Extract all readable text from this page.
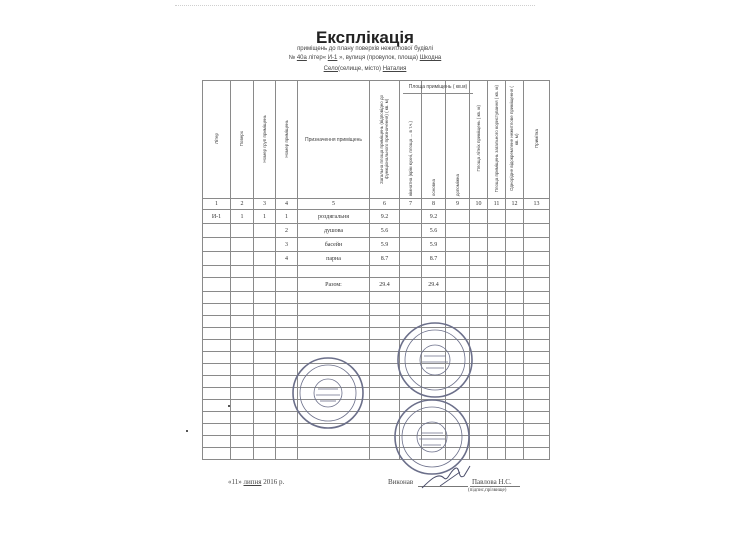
Експлікація
приміщень до плану поверхів нежитлової будівлі
№ 40а літер« И-1 », вулиця (провулок, площа) Шкодна
Село(селище, місто) Наталия
Літер	Поверх	Номер груп приміщень	Номер приміщень	Призначення приміщень	Загальна площа приміщень (відповідно до функціонального призначення) ( кв. м)	кімнатна (крім кухні, площа ... в т.ч.)	основна	допоміжна	Площа літніх приміщень ( кв. м)	Площа приміщень загального користування ( кв. м)	Однорідне відокремлене нежитлове приміщення ( кв. м)	Примітка
1	2	3	4	5	6	7	8	9	10	11	12	13
И-1	1	1	1	роздягальня	9.2		9.2					
			2	душова	5.6		5.6					
			3	басейн	5.9		5.9					
			4	парна	8.7		8.7					

				Разом:	29.4		29.4					

Площа приміщень ( кв.м)
«11» липня 2016 р.	Виконав	Павлова Н.С.
(підпис,прізвище)
